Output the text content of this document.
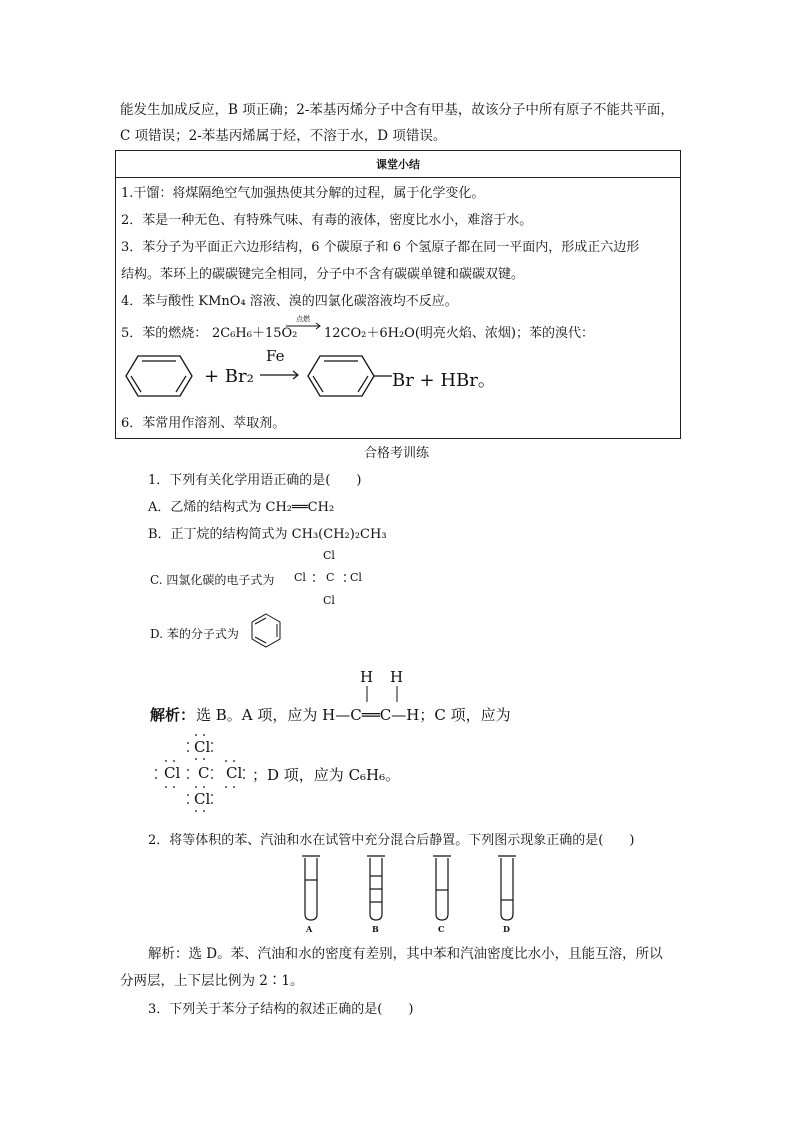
能发生加成反应，B 项正确；2-苯基丙烯分子中含有甲基，故该分子中所有原子不能共平面，
C 项错误；2-苯基丙烯属于烃，不溶于水，D 项错误。
课堂小结
1.干馏：将煤隔绝空气加强热使其分解的过程，属于化学变化。
2．苯是一种无色、有特殊气味、有毒的液体，密度比水小，难溶于水。
3．苯分子为平面正六边形结构，6 个碳原子和 6 个氢原子都在同一平面内，形成正六边形
结构。苯环上的碳碳键完全相同，分子中不含有碳碳单键和碳碳双键。
4．苯与酸性 KMnO₄ 溶液、溴的四氯化碳溶液均不反应。
5．苯的燃烧： 2C₆H₆＋15O₂
点燃
12CO₂＋6H₂O(明亮火焰、浓烟)；苯的溴代：
+ Br₂
Fe
Br + HBr。
6．苯常用作溶剂、萃取剂。
合格考训练
1．下列有关化学用语正确的是(　　)
A．乙烯的结构式为 CH₂══CH₂
B．正丁烷的结构简式为 CH₃(CH₂)₂CH₃
C. 四氯化碳的电子式为 Cl
Cl
C Cl
Cl
D. 苯的分子式为
H H
解析： 选 B。A 项，应为 H—C══C—H；C 项，应为
Cl
Cl C Cl
Cl
；D 项，应为 C₆H₆。
2．将等体积的苯、汽油和水在试管中充分混合后静置。下列图示现象正确的是(　　)
A	B	C	D
解析：选 D。苯、汽油和水的密度有差别，其中苯和汽油密度比水小，且能互溶，所以
分两层，上下层比例为 2∶1。
3．下列关于苯分子结构的叙述正确的是(　　)
